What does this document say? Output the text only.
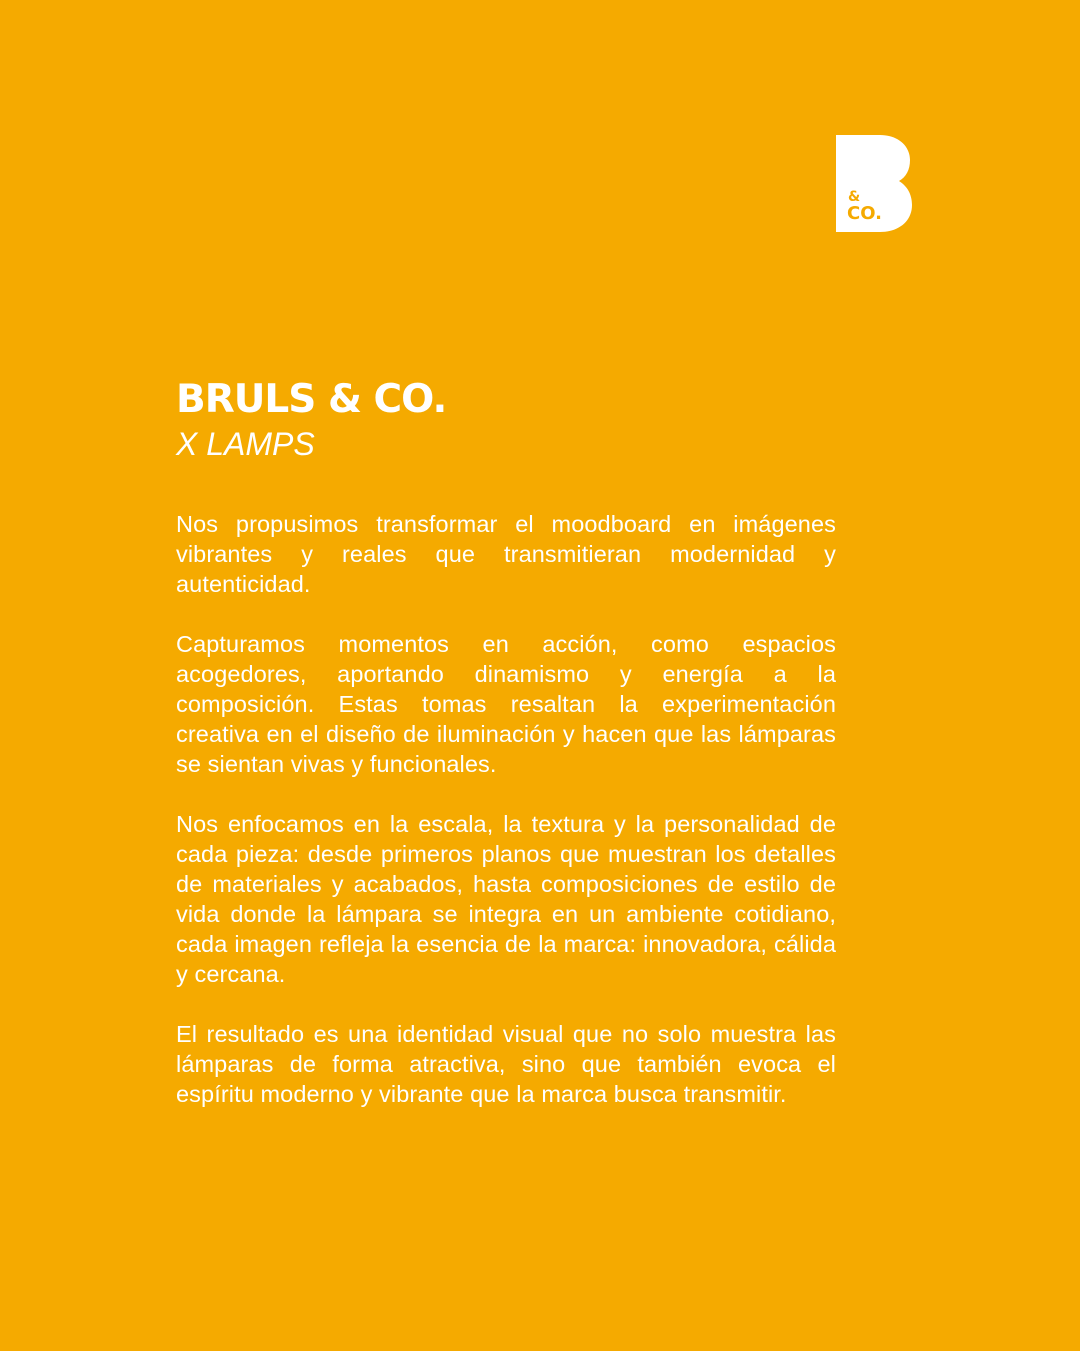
&
CO.
BRULS & CO.
X LAMPS

Nos propusimos transformar el moodboard en imágenes vibrantes y reales que transmitieran modernidad y autenticidad.

Capturamos momentos en acción, como espacios acogedores, aportando dinamismo y energía a la composición. Estas tomas resaltan la experimentación creativa en el diseño de iluminación y hacen que las lámparas se sientan vivas y funcionales.

Nos enfocamos en la escala, la textura y la personalidad de cada pieza: desde primeros planos que muestran los detalles de materiales y acabados, hasta composiciones de estilo de vida donde la lámpara se integra en un ambiente cotidiano, cada imagen refleja la esencia de la marca: innovadora, cálida y cercana.

El resultado es una identidad visual que no solo muestra las lámparas de forma atractiva, sino que también evoca el espíritu moderno y vibrante que la marca busca transmitir.
